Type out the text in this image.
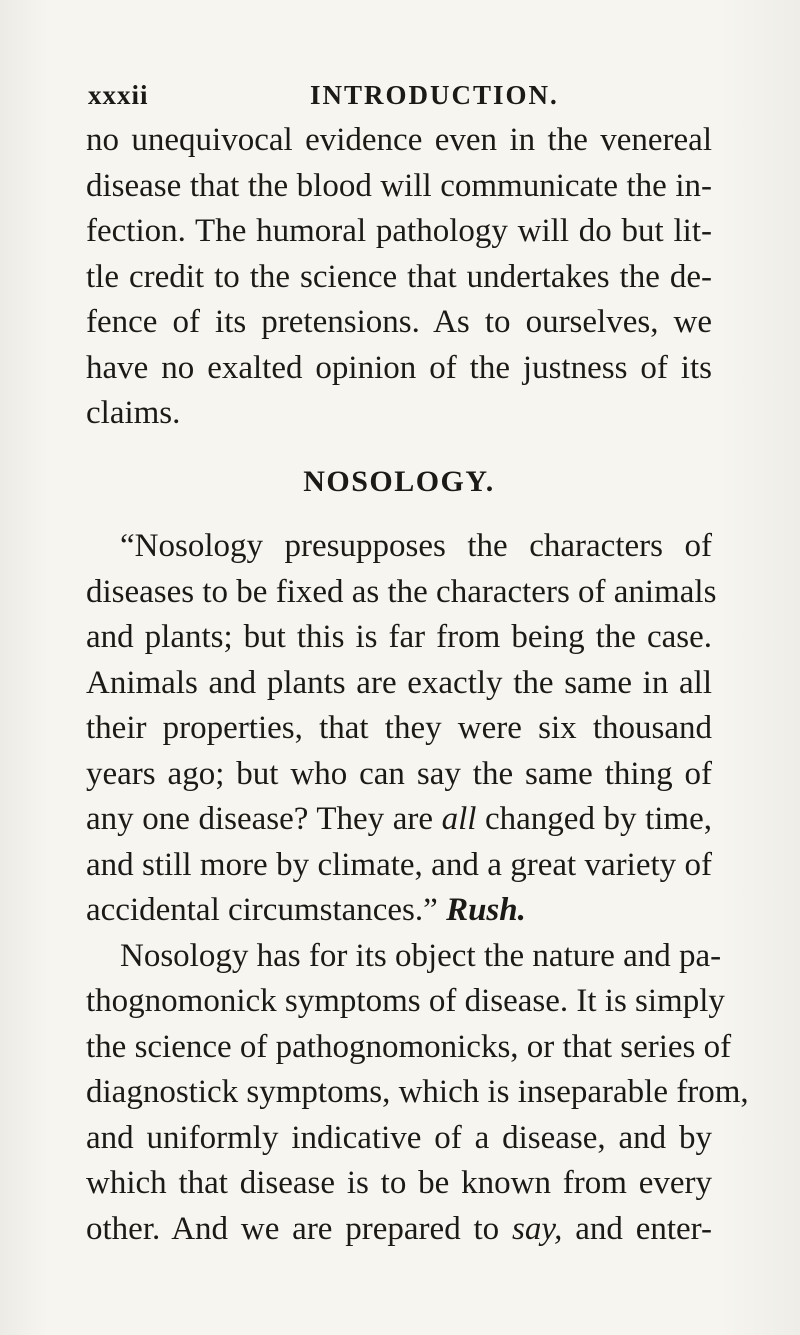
xxxii	INTRODUCTION.
no unequivocal evidence even in the venereal
disease that the blood will communicate the in-
fection. The humoral pathology will do but lit-
tle credit to the science that undertakes the de-
fence of its pretensions. As to ourselves, we
have no exalted opinion of the justness of its
claims.
NOSOLOGY.
“Nosology presupposes the characters of
diseases to be fixed as the characters of animals
and plants; but this is far from being the case.
Animals and plants are exactly the same in all
their properties, that they were six thousand
years ago; but who can say the same thing of
any one disease? They are all changed by time,
and still more by climate, and a great variety of
accidental circumstances.” Rush.
Nosology has for its object the nature and pa-
thognomonick symptoms of disease. It is simply
the science of pathognomonicks, or that series of
diagnostick symptoms, which is inseparable from,
and uniformly indicative of a disease, and by
which that disease is to be known from every
other. And we are prepared to say, and enter-
